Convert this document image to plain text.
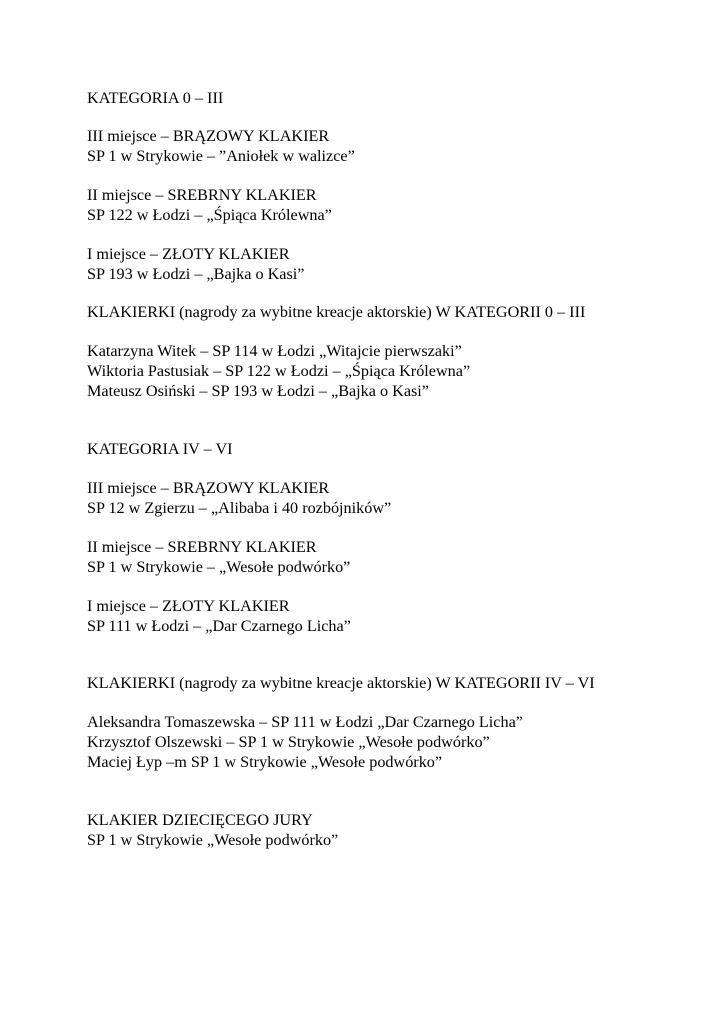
KATEGORIA 0 – III

III miejsce – BRĄZOWY KLAKIER

SP 1 w Strykowie – ”Aniołek w walizce”

II miejsce – SREBRNY KLAKIER

SP 122 w Łodzi – „Śpiąca Królewna”

I miejsce – ZŁOTY KLAKIER

SP 193 w Łodzi – „Bajka o Kasi”

KLAKIERKI (nagrody za wybitne kreacje aktorskie) W KATEGORII 0 – III

Katarzyna Witek – SP 114 w Łodzi „Witajcie pierwszaki”

Wiktoria Pastusiak – SP 122 w Łodzi – „Śpiąca Królewna”

Mateusz Osiński – SP 193 w Łodzi – „Bajka o Kasi”

KATEGORIA IV – VI

III miejsce – BRĄZOWY KLAKIER

SP 12 w Zgierzu – „Alibaba i 40 rozbójników”

II miejsce – SREBRNY KLAKIER

SP 1 w Strykowie – „Wesołe podwórko”

I miejsce – ZŁOTY KLAKIER

SP 111 w Łodzi – „Dar Czarnego Licha”

KLAKIERKI (nagrody za wybitne kreacje aktorskie) W KATEGORII IV – VI

Aleksandra Tomaszewska – SP 111 w Łodzi „Dar Czarnego Licha”

Krzysztof Olszewski – SP 1 w Strykowie „Wesołe podwórko”

Maciej Łyp –m SP 1 w Strykowie „Wesołe podwórko”

KLAKIER DZIECIĘCEGO JURY

SP 1 w Strykowie „Wesołe podwórko”
